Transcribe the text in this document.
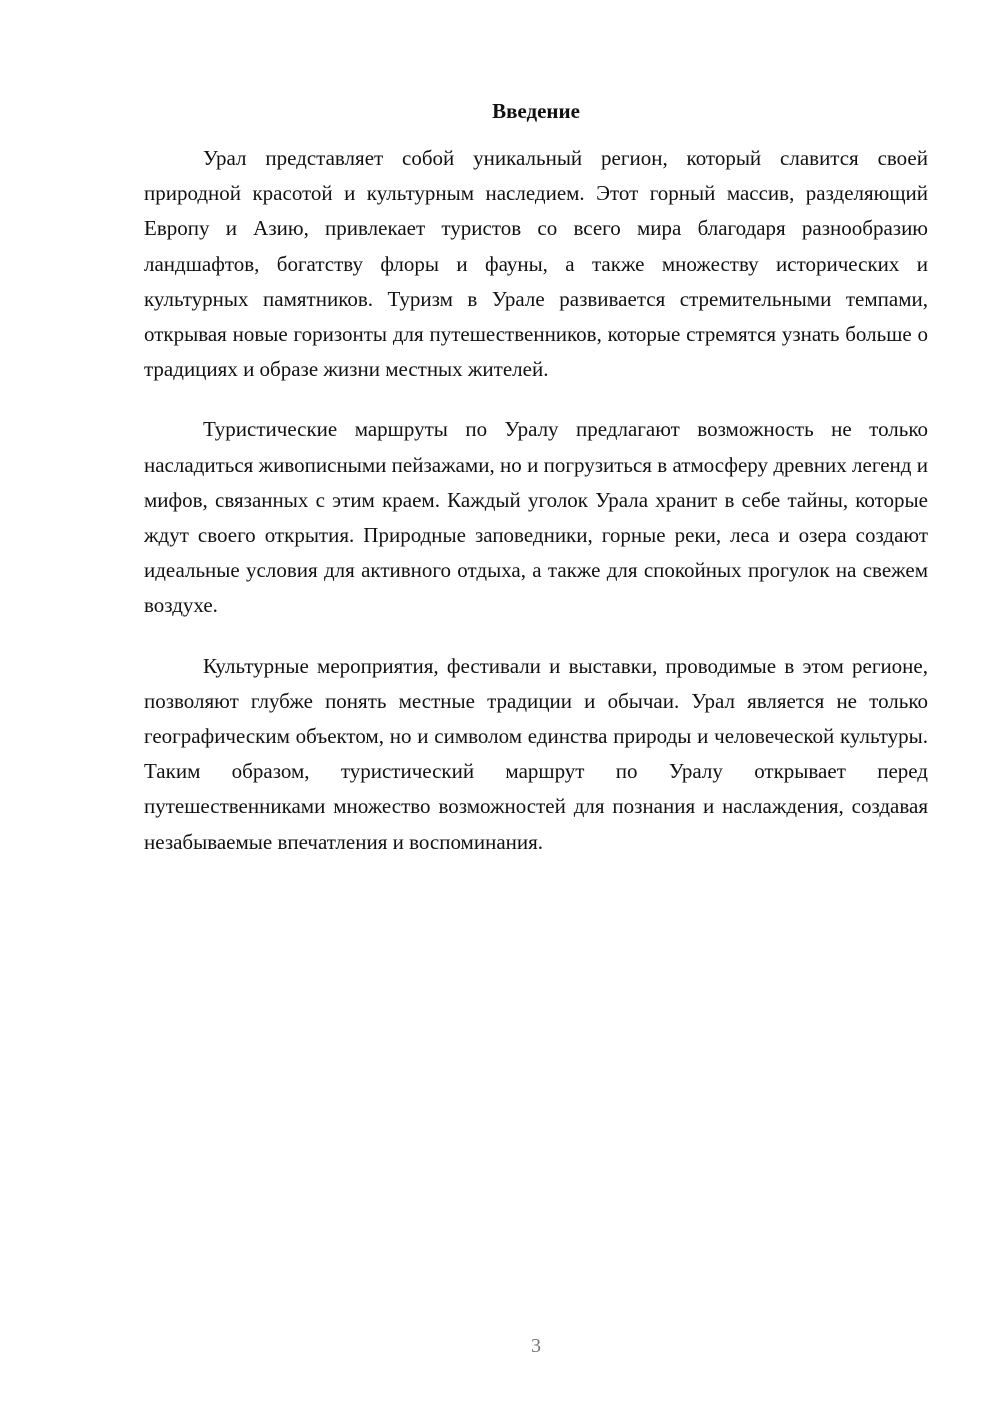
Введение

Урал представляет собой уникальный регион, который славится своей природной красотой и культурным наследием. Этот горный массив, разделяющий Европу и Азию, привлекает туристов со всего мира благодаря разнообразию ландшафтов, богатству флоры и фауны, а также множеству исторических и культурных памятников. Туризм в Урале развивается стремительными темпами, открывая новые горизонты для путешественников, которые стремятся узнать больше о традициях и образе жизни местных жителей.

Туристические маршруты по Уралу предлагают возможность не только насладиться живописными пейзажами, но и погрузиться в атмосферу древних легенд и мифов, связанных с этим краем. Каждый уголок Урала хранит в себе тайны, которые ждут своего открытия. Природные заповедники, горные реки, леса и озера создают идеальные условия для активного отдыха, а также для спокойных прогулок на свежем воздухе.

Культурные мероприятия, фестивали и выставки, проводимые в этом регионе, позволяют глубже понять местные традиции и обычаи. Урал является не только географическим объектом, но и символом единства природы и человеческой культуры. Таким образом, туристический маршрут по Уралу открывает перед путешественниками множество возможностей для познания и наслаждения, создавая незабываемые впечатления и воспоминания.

3
